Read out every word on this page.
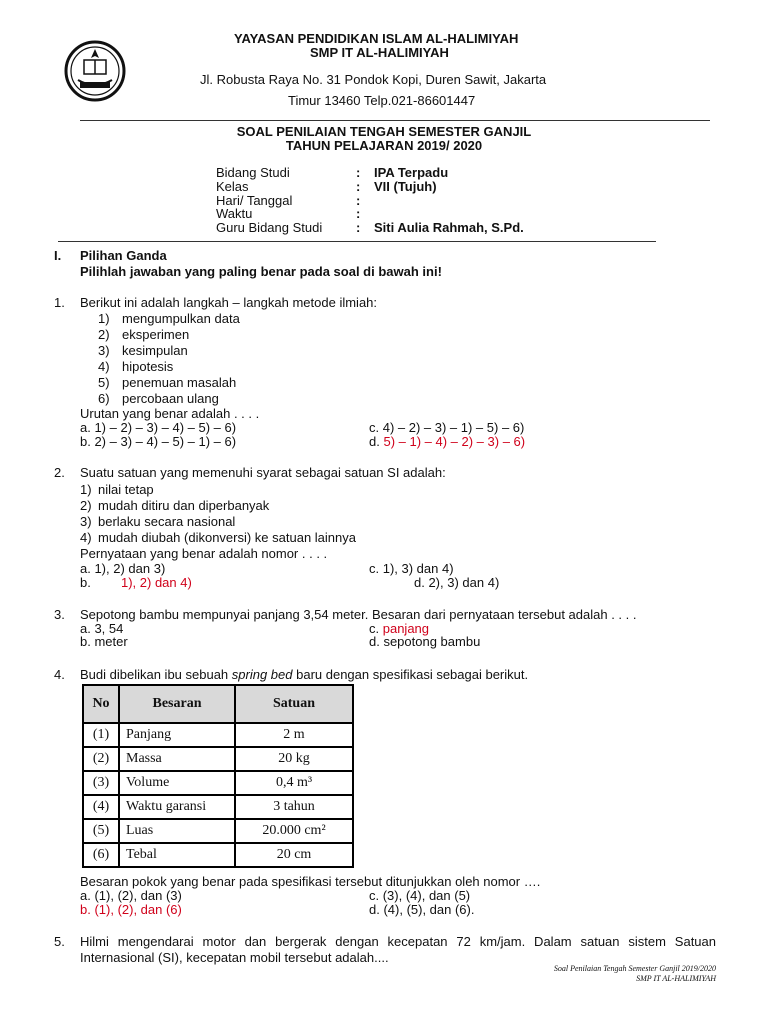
YAYASAN PENDIDIKAN ISLAM AL-HALIMIYAH
SMP IT AL-HALIMIYAH
Jl. Robusta Raya No. 31 Pondok Kopi, Duren Sawit, Jakarta
Timur 13460 Telp.021-86601447
SOAL PENILAIAN TENGAH SEMESTER GANJIL
TAHUN PELAJARAN 2019/ 2020
Bidang Studi	: IPA Terpadu
Kelas	: VII (Tujuh)
Hari/ Tanggal	:
Waktu	:
Guru Bidang Studi	: Siti Aulia Rahmah, S.Pd.
I. Pilihan Ganda
Pilihlah jawaban yang paling benar pada soal di bawah ini!
1. Berikut ini adalah langkah – langkah metode ilmiah:
1) mengumpulkan data
2) eksperimen
3) kesimpulan
4) hipotesis
5) penemuan masalah
6) percobaan ulang
Urutan yang benar adalah . . . .
a. 1) – 2) – 3) – 4) – 5) – 6)
b. 2) – 3) – 4) – 5) – 1) – 6)
c. 4) – 2) – 3) – 1) – 5) – 6)
d. 5) – 1) – 4) – 2) – 3) – 6)
2. Suatu satuan yang memenuhi syarat sebagai satuan SI adalah:
1) nilai tetap
2) mudah ditiru dan diperbanyak
3) berlaku secara nasional
4) mudah diubah (dikonversi) ke satuan lainnya
Pernyataan yang benar adalah nomor . . . .
a. 1), 2) dan 3)
b. 1), 2) dan 4)
c. 1), 3) dan 4)
d. 2), 3) dan 4)
3. Sepotong bambu mempunyai panjang 3,54 meter. Besaran dari pernyataan tersebut adalah . . . .
a. 3, 54
b. meter
c. panjang
d. sepotong bambu
4. Budi dibelikan ibu sebuah spring bed baru dengan spesifikasi sebagai berikut.
No	Besaran	Satuan
(1)	Panjang	2 m
(2)	Massa	20 kg
(3)	Volume	0,4 m³
(4)	Waktu garansi	3 tahun
(5)	Luas	20.000 cm²
(6)	Tebal	20 cm
Besaran pokok yang benar pada spesifikasi tersebut ditunjukkan oleh nomor ….
a. (1), (2), dan (3)
b. (1), (2), dan (6)
c. (3), (4), dan (5)
d. (4), (5), dan (6).
5. Hilmi mengendarai motor dan bergerak dengan kecepatan 72 km/jam. Dalam satuan sistem Satuan
Internasional (SI), kecepatan mobil tersebut adalah....
Soal Penilaian Tengah Semester Ganjil 2019/2020
SMP IT AL-HALIMIYAH
